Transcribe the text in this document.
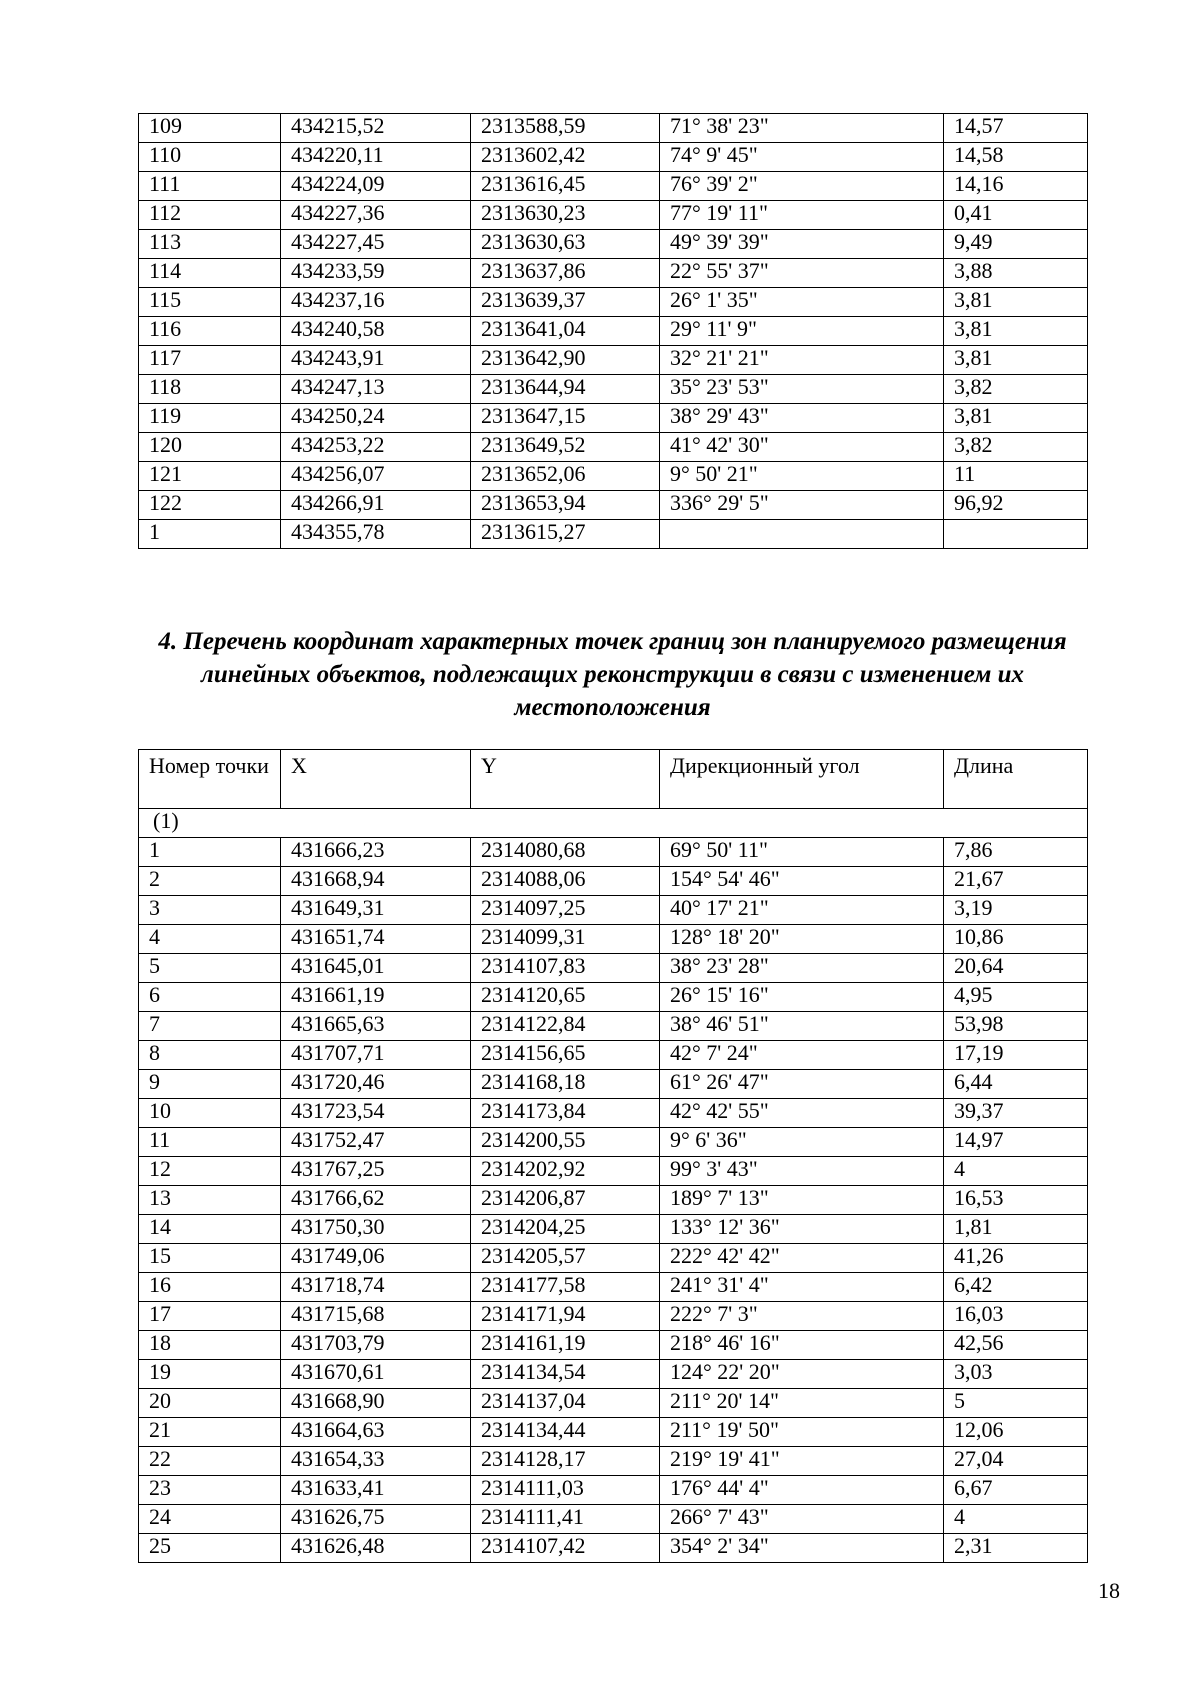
109	434215,52	2313588,59	71° 38' 23"	14,57
110	434220,11	2313602,42	74° 9' 45"	14,58
111	434224,09	2313616,45	76° 39' 2"	14,16
112	434227,36	2313630,23	77° 19' 11"	0,41
113	434227,45	2313630,63	49° 39' 39"	9,49
114	434233,59	2313637,86	22° 55' 37"	3,88
115	434237,16	2313639,37	26° 1' 35"	3,81
116	434240,58	2313641,04	29° 11' 9"	3,81
117	434243,91	2313642,90	32° 21' 21"	3,81
118	434247,13	2313644,94	35° 23' 53"	3,82
119	434250,24	2313647,15	38° 29' 43"	3,81
120	434253,22	2313649,52	41° 42' 30"	3,82
121	434256,07	2313652,06	9° 50' 21"	11
122	434266,91	2313653,94	336° 29' 5"	96,92
1	434355,78	2313615,27		
4. Перечень координат характерных точек границ зон планируемого размещения линейных объектов, подлежащих реконструкции в связи с изменением их местоположения
Номер точки	X	Y	Дирекционный угол	Длина
(1)				
1	431666,23	2314080,68	69° 50' 11"	7,86
2	431668,94	2314088,06	154° 54' 46"	21,67
3	431649,31	2314097,25	40° 17' 21"	3,19
4	431651,74	2314099,31	128° 18' 20"	10,86
5	431645,01	2314107,83	38° 23' 28"	20,64
6	431661,19	2314120,65	26° 15' 16"	4,95
7	431665,63	2314122,84	38° 46' 51"	53,98
8	431707,71	2314156,65	42° 7' 24"	17,19
9	431720,46	2314168,18	61° 26' 47"	6,44
10	431723,54	2314173,84	42° 42' 55"	39,37
11	431752,47	2314200,55	9° 6' 36"	14,97
12	431767,25	2314202,92	99° 3' 43"	4
13	431766,62	2314206,87	189° 7' 13"	16,53
14	431750,30	2314204,25	133° 12' 36"	1,81
15	431749,06	2314205,57	222° 42' 42"	41,26
16	431718,74	2314177,58	241° 31' 4"	6,42
17	431715,68	2314171,94	222° 7' 3"	16,03
18	431703,79	2314161,19	218° 46' 16"	42,56
19	431670,61	2314134,54	124° 22' 20"	3,03
20	431668,90	2314137,04	211° 20' 14"	5
21	431664,63	2314134,44	211° 19' 50"	12,06
22	431654,33	2314128,17	219° 19' 41"	27,04
23	431633,41	2314111,03	176° 44' 4"	6,67
24	431626,75	2314111,41	266° 7' 43"	4
25	431626,48	2314107,42	354° 2' 34"	2,31
18
